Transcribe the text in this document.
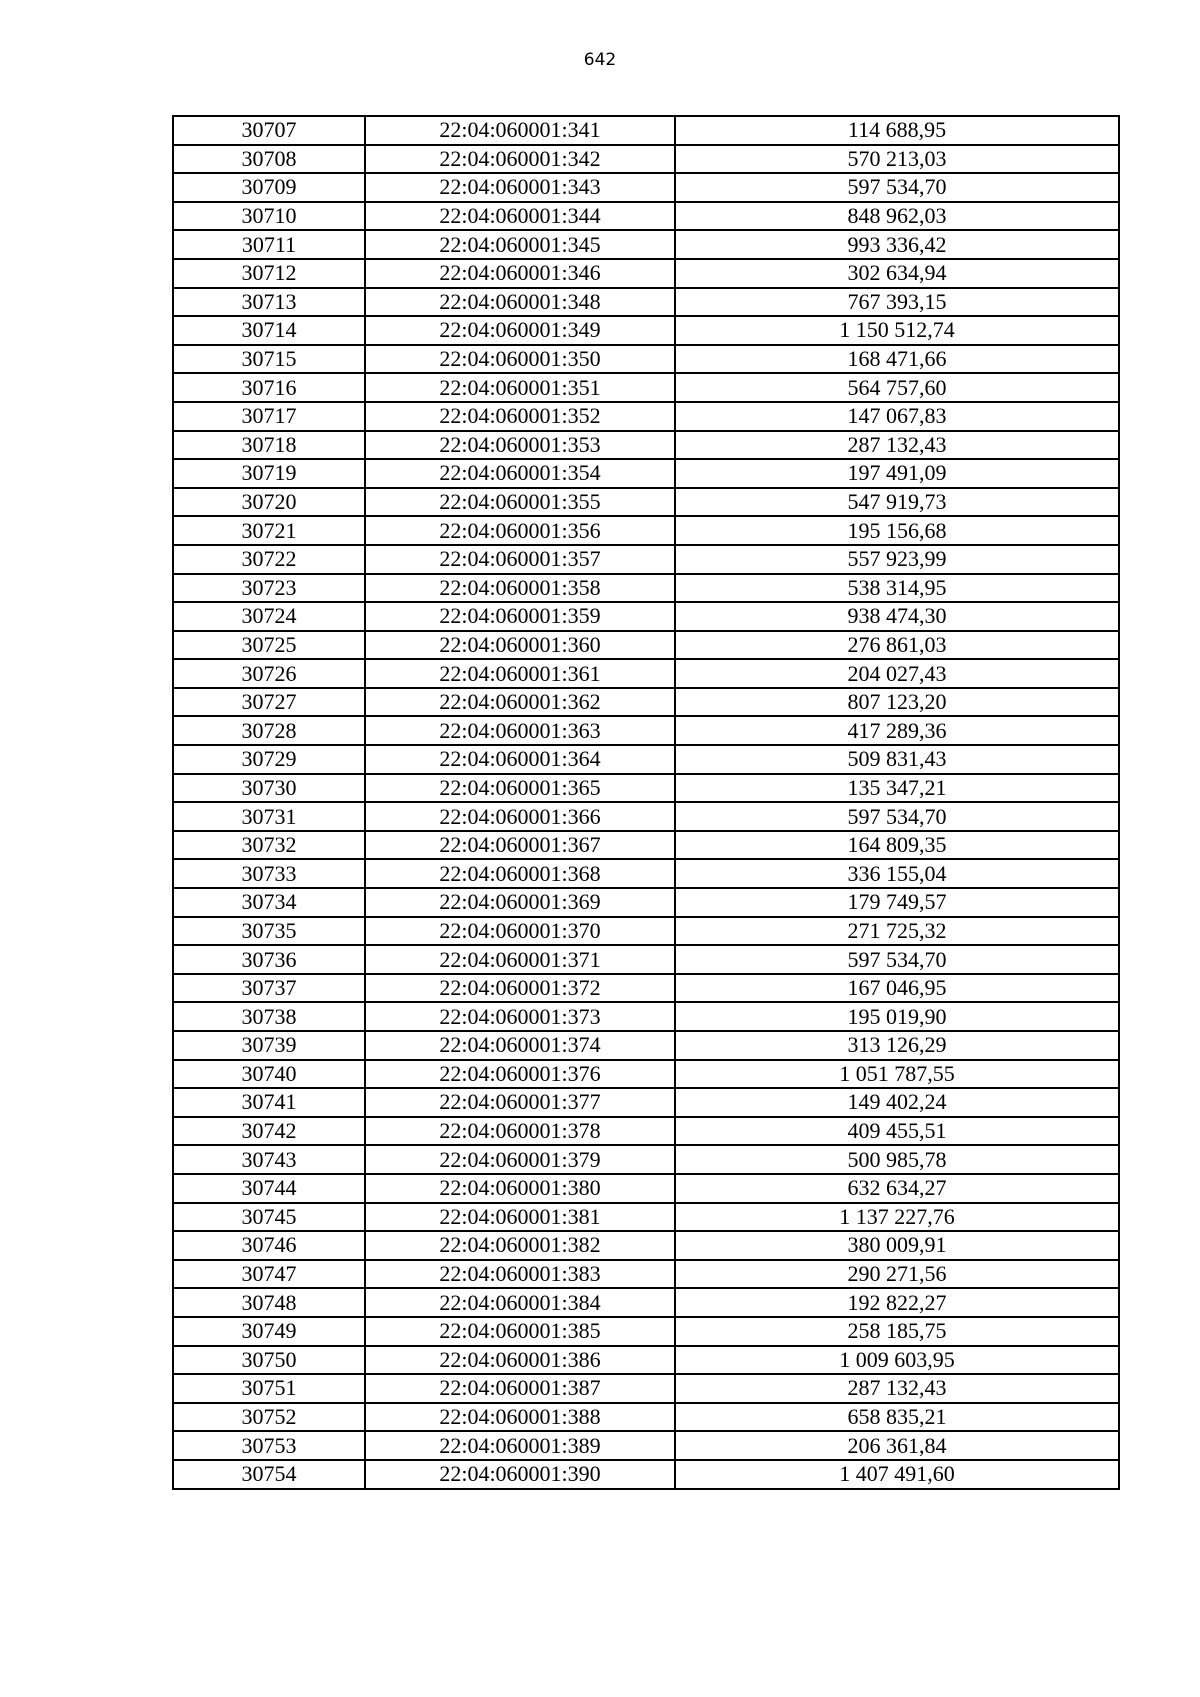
642
30707	22:04:060001:341	114 688,95
30708	22:04:060001:342	570 213,03
30709	22:04:060001:343	597 534,70
30710	22:04:060001:344	848 962,03
30711	22:04:060001:345	993 336,42
30712	22:04:060001:346	302 634,94
30713	22:04:060001:348	767 393,15
30714	22:04:060001:349	1 150 512,74
30715	22:04:060001:350	168 471,66
30716	22:04:060001:351	564 757,60
30717	22:04:060001:352	147 067,83
30718	22:04:060001:353	287 132,43
30719	22:04:060001:354	197 491,09
30720	22:04:060001:355	547 919,73
30721	22:04:060001:356	195 156,68
30722	22:04:060001:357	557 923,99
30723	22:04:060001:358	538 314,95
30724	22:04:060001:359	938 474,30
30725	22:04:060001:360	276 861,03
30726	22:04:060001:361	204 027,43
30727	22:04:060001:362	807 123,20
30728	22:04:060001:363	417 289,36
30729	22:04:060001:364	509 831,43
30730	22:04:060001:365	135 347,21
30731	22:04:060001:366	597 534,70
30732	22:04:060001:367	164 809,35
30733	22:04:060001:368	336 155,04
30734	22:04:060001:369	179 749,57
30735	22:04:060001:370	271 725,32
30736	22:04:060001:371	597 534,70
30737	22:04:060001:372	167 046,95
30738	22:04:060001:373	195 019,90
30739	22:04:060001:374	313 126,29
30740	22:04:060001:376	1 051 787,55
30741	22:04:060001:377	149 402,24
30742	22:04:060001:378	409 455,51
30743	22:04:060001:379	500 985,78
30744	22:04:060001:380	632 634,27
30745	22:04:060001:381	1 137 227,76
30746	22:04:060001:382	380 009,91
30747	22:04:060001:383	290 271,56
30748	22:04:060001:384	192 822,27
30749	22:04:060001:385	258 185,75
30750	22:04:060001:386	1 009 603,95
30751	22:04:060001:387	287 132,43
30752	22:04:060001:388	658 835,21
30753	22:04:060001:389	206 361,84
30754	22:04:060001:390	1 407 491,60
